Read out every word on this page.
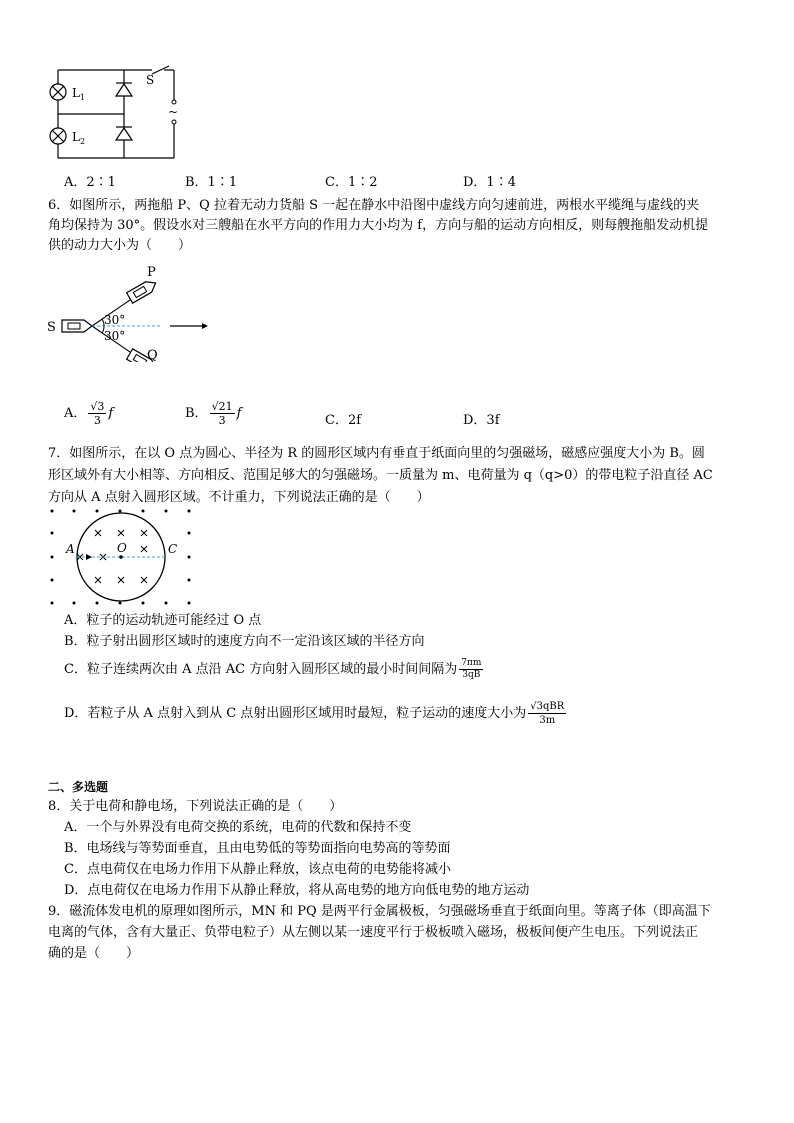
~
$L_1$
$L_2$
S
A．2∶1	B．1∶1	C．1∶2	D．1∶4
6．如图所示，两拖船 P、Q 拉着无动力货船 S 一起在静水中沿图中虚线方向匀速前进，两根水平缆绳与虚线的夹
角均保持为 30°。假设水对三艘船在水平方向的作用力大小均为 f，方向与船的运动方向相反，则每艘拖船发动机提
供的动力大小为（　　）
30°
30°
S
P
Q
A． $\frac{√3}{3}$ f	B． $\frac{√21}{3}$ f	C．2f	D．3f
7．如图所示，在以 O 点为圆心、半径为 R 的圆形区域内有垂直于纸面向里的匀强磁场，磁感应强度大小为 B。圆
形区域外有大小相等、方向相反、范围足够大的匀强磁场。一质量为 m、电荷量为 q（q>0）的带电粒子沿直径 AC
方向从 A 点射入圆形区域。不计重力，下列说法正确的是（　　）
A	O	C
A．粒子的运动轨迹可能经过 O 点
B．粒子射出圆形区域时的速度方向不一定沿该区域的半径方向
C．粒子连续两次由 A 点沿 AC 方向射入圆形区域的最小时间间隔为 $\frac{7\pi m}{3qB}$
D．若粒子从 A 点射入到从 C 点射出圆形区域用时最短，粒子运动的速度大小为 $\frac{\text{√3qBR}}{3m}$
二、多选题
8．关于电荷和静电场，下列说法正确的是（　　）
A．一个与外界没有电荷交换的系统，电荷的代数和保持不变
B．电场线与等势面垂直，且由电势低的等势面指向电势高的等势面
C．点电荷仅在电场力作用下从静止释放，该点电荷的电势能将减小
D．点电荷仅在电场力作用下从静止释放，将从高电势的地方向低电势的地方运动
9．磁流体发电机的原理如图所示，MN 和 PQ 是两平行金属极板，匀强磁场垂直于纸面向里。等离子体（即高温下
电离的气体，含有大量正、负带电粒子）从左侧以某一速度平行于极板喷入磁场，极板间便产生电压。下列说法正
确的是（　　）
